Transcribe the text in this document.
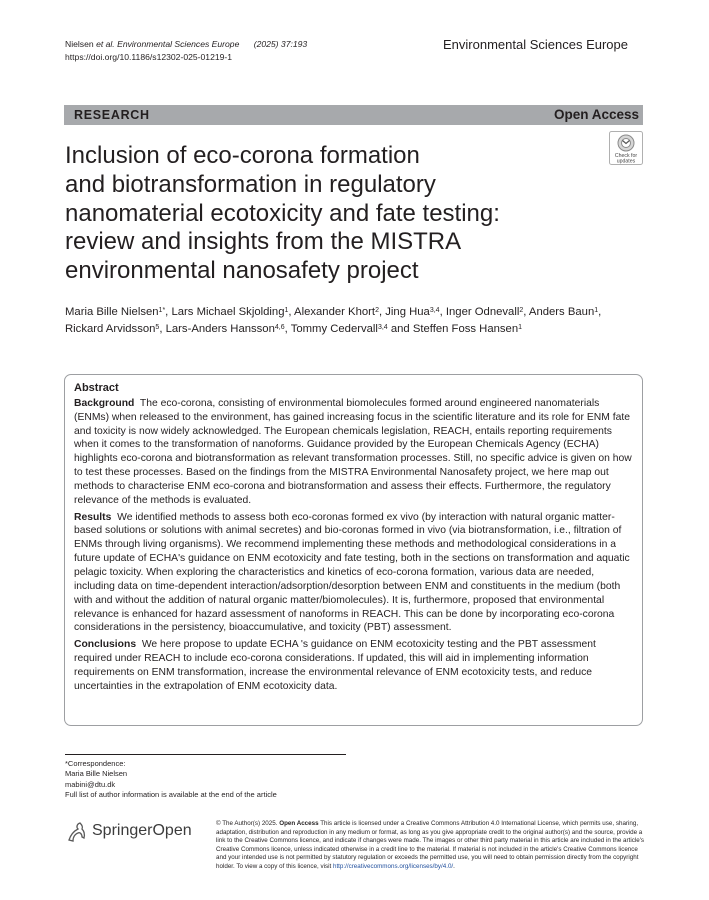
Nielsen et al. Environmental Sciences Europe (2025) 37:193
https://doi.org/10.1186/s12302-025-01219-1
Environmental Sciences Europe
RESEARCH	Open Access
Inclusion of eco-corona formation
and biotransformation in regulatory
nanomaterial ecotoxicity and fate testing:
review and insights from the MISTRA
environmental nanosafety project
Check for
updates
Maria Bille Nielsen$^{1*}$, Lars Michael Skjolding$^1$, Alexander Khort$^2$, Jing Hua$^{3,4}$, Inger Odnevall$^2$, Anders Baun$^1$,
Rickard Arvidsson$^5$, Lars-Anders Hansson$^{4,6}$, Tommy Cedervall$^{3,4}$ and Steffen Foss Hansen$^1$

Abstract

Background The eco-corona, consisting of environmental biomolecules formed around engineered nanomaterials (ENMs) when released to the environment, has gained increasing focus in the scientific literature and its role for ENM fate and toxicity is now widely acknowledged. The European chemicals legislation, REACH, entails reporting requirements when it comes to the transformation of nanoforms. Guidance provided by the European Chemicals Agency (ECHA) highlights eco-corona and biotransformation as relevant transformation processes. Still, no specific advice is given on how to test these processes. Based on the findings from the MISTRA Environmental Nanosafety project, we here map out methods to characterise ENM eco-corona and biotransformation and assess their effects. Furthermore, the regulatory relevance of the methods is evaluated.

Results We identified methods to assess both eco-coronas formed ex vivo (by interaction with natural organic matter-based solutions or solutions with animal secretes) and bio-coronas formed in vivo (via biotransformation, i.e., filtration of ENMs through living organisms). We recommend implementing these methods and methodological considerations in a future update of ECHA's guidance on ENM ecotoxicity and fate testing, both in the sections on transformation and aquatic pelagic toxicity. When exploring the characteristics and kinetics of eco-corona formation, various data are needed, including data on time-dependent interaction/adsorption/desorption between ENM and constituents in the medium (both with and without the addition of natural organic matter/biomolecules). It is, furthermore, proposed that environmental relevance is enhanced for hazard assessment of nanoforms in REACH. This can be done by incorporating eco-corona considerations in the persistency, bioaccumulative, and toxicity (PBT) assessment.

Conclusions We here propose to update ECHA 's guidance on ENM ecotoxicity testing and the PBT assessment required under REACH to include eco-corona considerations. If updated, this will aid in implementing information requirements on ENM transformation, increase the environmental relevance of ENM ecotoxicity tests, and reduce uncertainties in the extrapolation of ENM ecotoxicity data.

*Correspondence:
Maria Bille Nielsen
mabini@dtu.dk
Full list of author information is available at the end of the article
SpringerOpen	© The Author(s) 2025. Open Access This article is licensed under a Creative Commons Attribution 4.0 International License, which permits use, sharing, adaptation, distribution and reproduction in any medium or format, as long as you give appropriate credit to the original author(s) and the source, provide a link to the Creative Commons licence, and indicate if changes were made. The images or other third party material in this article are included in the article's Creative Commons licence, unless indicated otherwise in a credit line to the material. If material is not included in the article's Creative Commons licence and your intended use is not permitted by statutory regulation or exceeds the permitted use, you will need to obtain permission directly from the copyright holder. To view a copy of this licence, visit http://creativecommons.org/licenses/by/4.0/.
